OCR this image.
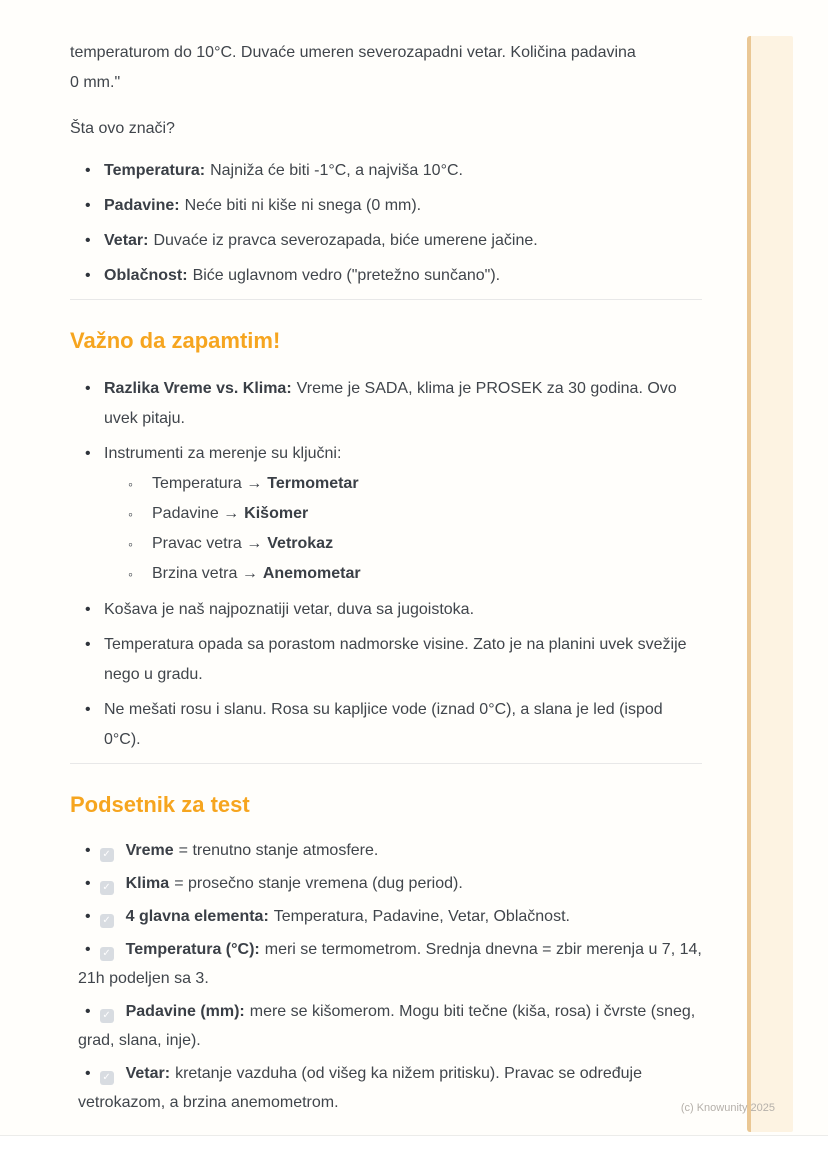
temperaturom do 10°C. Duvaće umeren severozapadni vetar. Količina padavina
0 mm."

Šta ovo znači?

• Temperatura: Najniža će biti -1°C, a najviša 10°C.
• Padavine: Neće biti ni kiše ni snega (0 mm).
• Vetar: Duvaće iz pravca severozapada, biće umerene jačine.
• Oblačnost: Biće uglavnom vedro ("pretežno sunčano").
Važno da zapamtim!
• Razlika Vreme vs. Klima: Vreme je SADA, klima je PROSEK za 30 godina. Ovo uvek pitaju.
• Instrumenti za merenje su ključni:
◦ Temperatura → Termometar
◦ Padavine → Kišomer
◦ Pravac vetra → Vetrokaz
◦ Brzina vetra → Anemometar
• Košava je naš najpoznatiji vetar, duva sa jugoistoka.
• Temperatura opada sa porastom nadmorske visine. Zato je na planini uvek svežije nego u gradu.
• Ne mešati rosu i slanu. Rosa su kapljice vode (iznad 0°C), a slana je led (ispod 0°C).
Podsetnik za test
• ✓ Vreme = trenutno stanje atmosfere.
• ✓ Klima = prosečno stanje vremena (dug period).
• ✓ 4 glavna elementa: Temperatura, Padavine, Vetar, Oblačnost.
• ✓ Temperatura (°C): meri se termometrom. Srednja dnevna = zbir merenja u 7, 14, 21h podeljen sa 3.
• ✓ Padavine (mm): mere se kišomerom. Mogu biti tečne (kiša, rosa) i čvrste (sneg, grad, slana, inje).
• ✓ Vetar: kretanje vazduha (od višeg ka nižem pritisku). Pravac se određuje vetrokazom, a brzina anemometrom.	(c) Knowunity 2025
